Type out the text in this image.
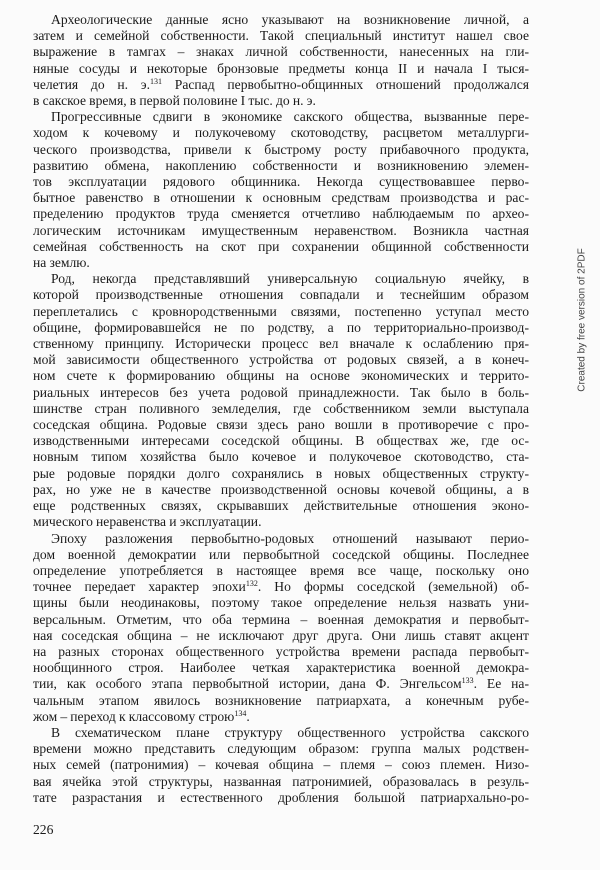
Археологические данные ясно указывают на возникновение личной, а
затем и семейной собственности. Такой специальный институт нашел свое
выражение в тамгах – знаках личной собственности, нанесенных на гли-
няные сосуды и некоторые бронзовые предметы конца II и начала I тыся-
челетия до н. э.$^{131}$ Распад первобытно-общинных отношений продолжался
в сакское время, в первой половине I тыс. до н. э.

Прогрессивные сдвиги в экономике сакского общества, вызванные пере-
ходом к кочевому и полукочевому скотоводству, расцветом металлурги-
ческого производства, привели к быстрому росту прибавочного продукта,
развитию обмена, накоплению собственности и возникновению элемен-
тов эксплуатации рядового общинника. Некогда существовавшее перво-
бытное равенство в отношении к основным средствам производства и рас-
пределению продуктов труда сменяется отчетливо наблюдаемым по архео-
логическим источникам имущественным неравенством. Возникла частная
семейная собственность на скот при сохранении общинной собственности
на землю.

Род, некогда представлявший универсальную социальную ячейку, в
которой производственные отношения совпадали и теснейшим образом
переплетались с кровнородственными связями, постепенно уступал место
общине, формировавшейся не по родству, а по территориально-производ-
ственному принципу. Исторически процесс вел вначале к ослаблению пря-
мой зависимости общественного устройства от родовых связей, а в конеч-
ном счете к формированию общины на основе экономических и террито-
риальных интересов без учета родовой принадлежности. Так было в боль-
шинстве стран поливного земледелия, где собственником земли выступала
соседская община. Родовые связи здесь рано вошли в противоречие с про-
изводственными интересами соседской общины. В обществах же, где ос-
новным типом хозяйства было кочевое и полукочевое скотоводство, ста-
рые родовые порядки долго сохранялись в новых общественных структу-
рах, но уже не в качестве производственной основы кочевой общины, а в
еще родственных связях, скрывавших действительные отношения эконо-
мического неравенства и эксплуатации.

Эпоху разложения первобытно-родовых отношений называют перио-
дом военной демократии или первобытной соседской общины. Последнее
определение употребляется в настоящее время все чаще, поскольку оно
точнее передает характер эпохи$^{132}$. Но формы соседской (земельной) об-
щины были неодинаковы, поэтому такое определение нельзя назвать уни-
версальным. Отметим, что оба термина – военная демократия и первобыт-
ная соседская община – не исключают друг друга. Они лишь ставят акцент
на разных сторонах общественного устройства времени распада первобыт-
нообщинного строя. Наиболее четкая характеристика военной демокра-
тии, как особого этапа первобытной истории, дана Ф. Энгельсом$^{133}$. Ее на-
чальным этапом явилось возникновение патриархата, а конечным рубе-
жом – переход к классовому строю$^{134}$.

В схематическом плане структуру общественного устройства сакского
времени можно представить следующим образом: группа малых родствен-
ных семей (патронимия) – кочевая община – племя – союз племен. Низо-
вая ячейка этой структуры, названная патронимией, образовалась в резуль-
тате разрастания и естественного дробления большой патриархально-ро-

226
Created by free version of 2PDF
